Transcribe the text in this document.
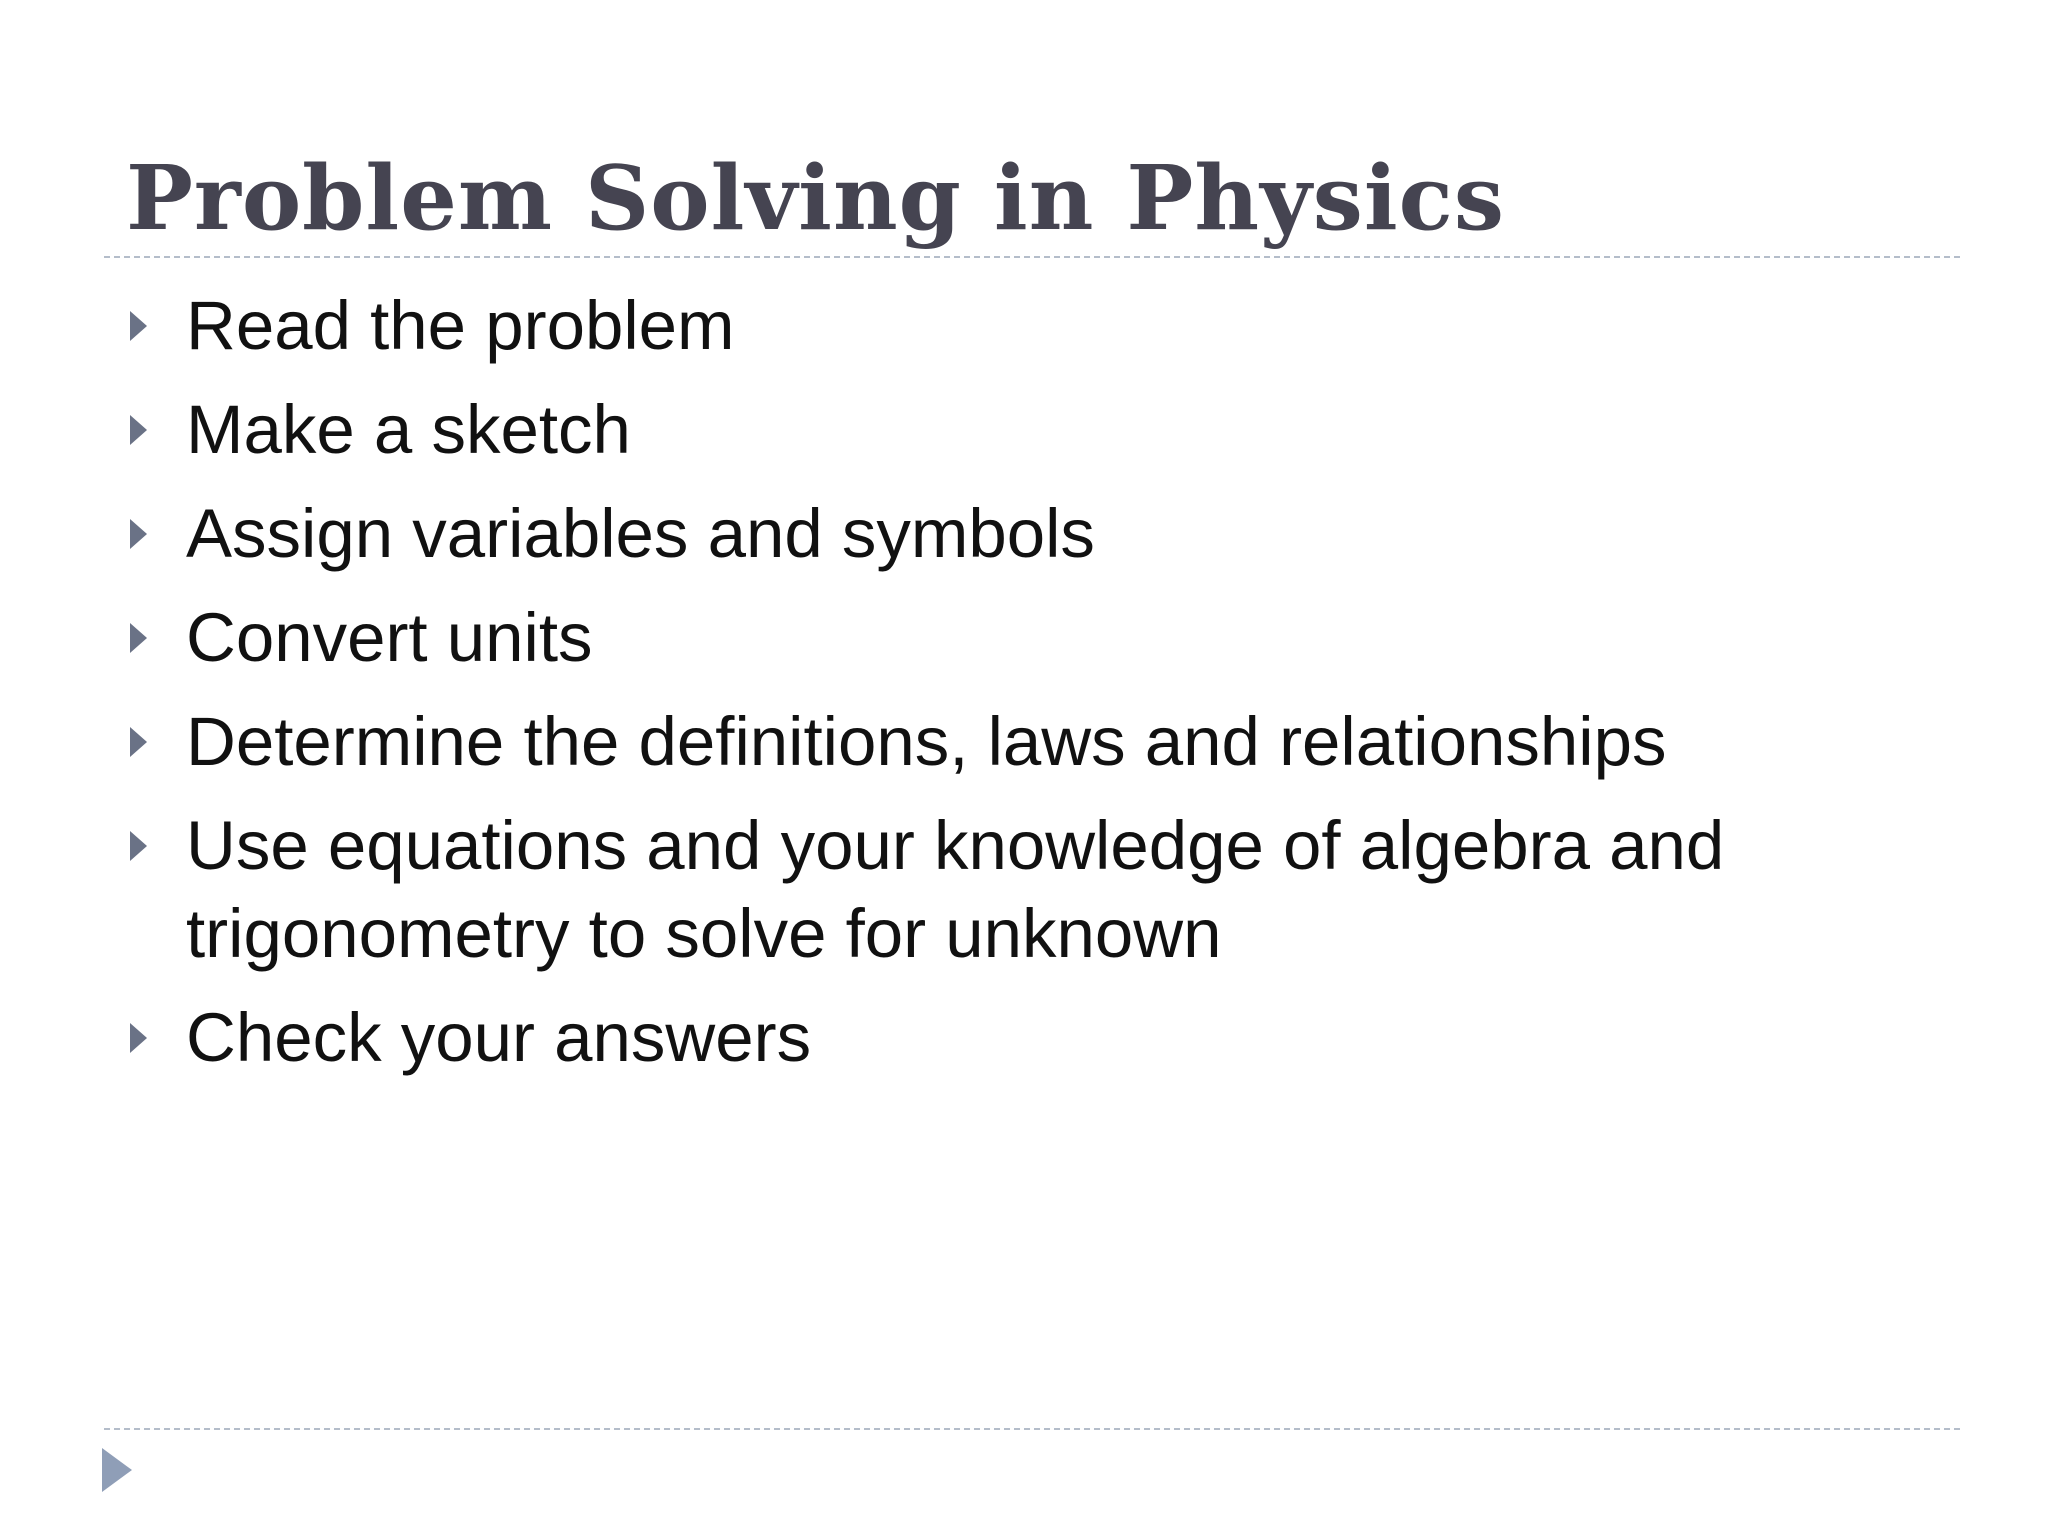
Problem Solving in Physics
Read the problem
Make a sketch
Assign variables and symbols
Convert units
Determine the definitions, laws and relationships
Use equations and your knowledge of algebra and trigonometry to solve for unknown
Check your answers
